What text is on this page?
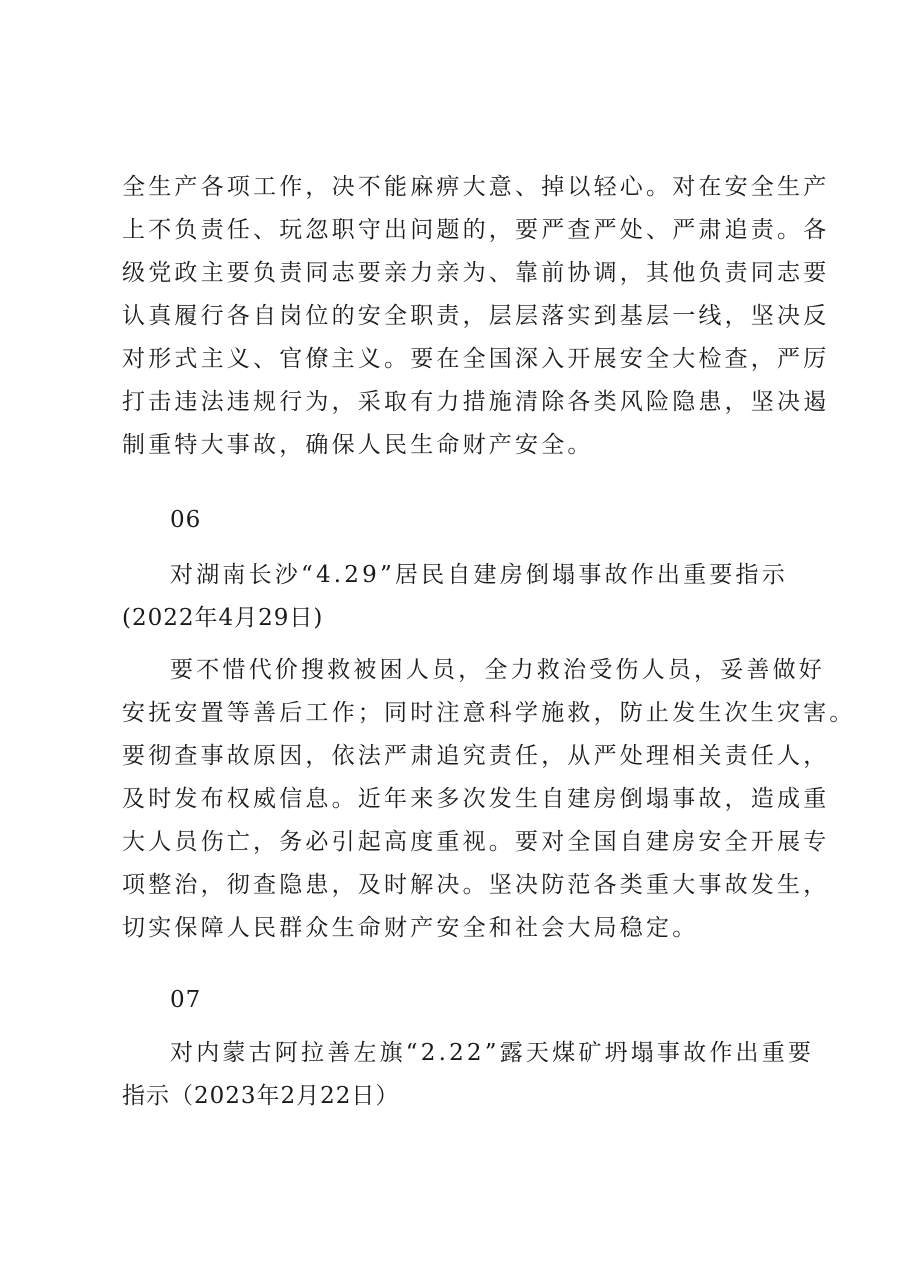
全生产各项工作，决不能麻痹大意、掉以轻心。对在安全生产
上不负责任、玩忽职守出问题的，要严查严处、严肃追责。各
级党政主要负责同志要亲力亲为、靠前协调，其他负责同志要
认真履行各自岗位的安全职责，层层落实到基层一线，坚决反
对形式主义、官僚主义。要在全国深入开展安全大检查，严厉
打击违法违规行为，采取有力措施清除各类风险隐患，坚决遏
制重特大事故，确保人民生命财产安全。
06
对湖南长沙“4.29”居民自建房倒塌事故作出重要指示
(2022年4月29日)
要不惜代价搜救被困人员，全力救治受伤人员，妥善做好
安抚安置等善后工作；同时注意科学施救，防止发生次生灾害。
要彻查事故原因，依法严肃追究责任，从严处理相关责任人，
及时发布权威信息。近年来多次发生自建房倒塌事故，造成重
大人员伤亡，务必引起高度重视。要对全国自建房安全开展专
项整治，彻查隐患，及时解决。坚决防范各类重大事故发生，
切实保障人民群众生命财产安全和社会大局稳定。
07
对内蒙古阿拉善左旗“2.22”露天煤矿坍塌事故作出重要
指示（2023年2月22日）
